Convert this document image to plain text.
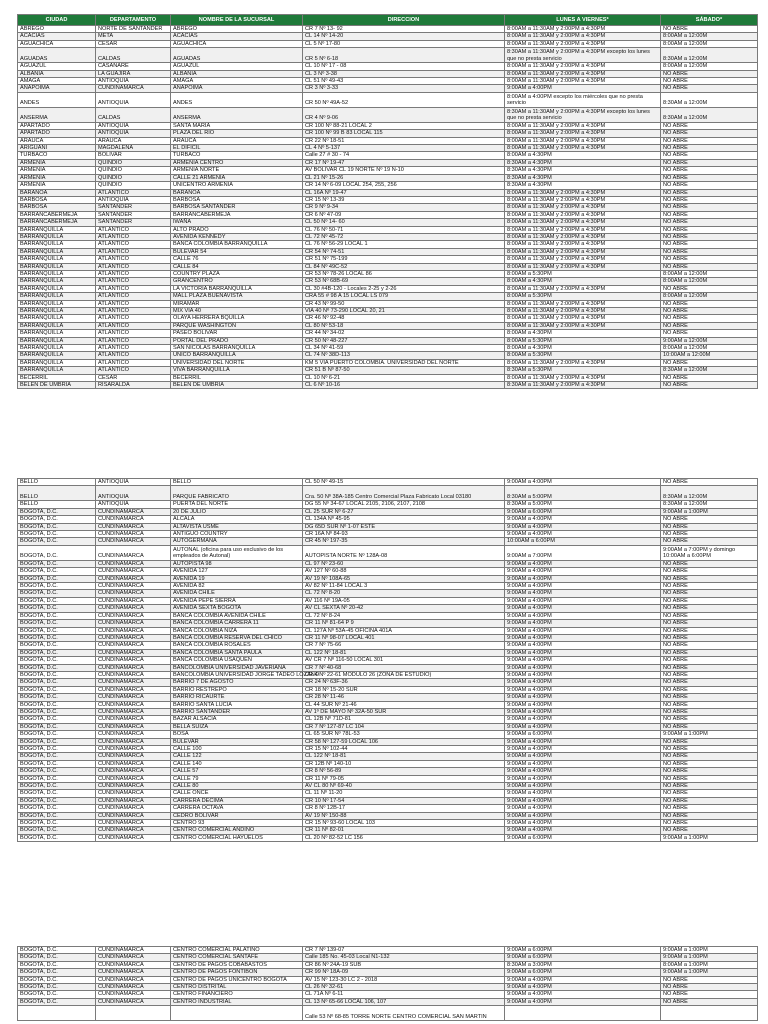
CIUDAD	DEPARTAMENTO	NOMBRE DE LA SUCURSAL	DIRECCION	LUNES A VIERNES*	SÁBADO*
ABREGO	NORTE DE SANTANDER	ABREGO	CR 7 Nº 13- 92	8:00AM a 11:30AM y 2:00PM a 4:30PM	NO ABRE
ACACIAS	META	ACACIAS	CL 14 Nº 14-20	8:00AM a 11:30AM y 2:00PM a 4:30PM	8:00AM a 12:00M
AGUACHICA	CESAR	AGUACHICA	CL 5 Nº 17-80	8:00AM a 11:30AM y 2:00PM a 4:30PM	8:00AM a 12:00M
AGUADAS	CALDAS	AGUADAS	CR 5 Nº 6-18	8:30AM a 11:30AM y 2:00PM a 4:30PM excepto los lunes que no presta servicio	8:30AM a 12:00M
AGUAZUL	CASANARE	AGUAZUL	CL 10 Nº 17 - 08	8:00AM a 11:30AM y 2:00PM a 4:30PM	8:00AM a 12:00M
ALBANIA	LA GUAJIRA	ALBANIA	CL 3 Nº 3-38	8:00AM a 11:30AM y 2:00PM a 4:30PM	NO ABRE
AMAGA	ANTIOQUIA	AMAGA	CL 51 Nº 49-43	8:00AM a 11:30AM y 2:00PM a 4:30PM	NO ABRE
ANAPOIMA	CUNDINAMARCA	ANAPOIMA	CR 3 Nº 3-33	9:00AM a 4:00PM	NO ABRE
ANDES	ANTIOQUIA	ANDES	CR 50 Nº 49A-52	8:00AM a 4:00PM excepto los miércoles que no presta servicio	8:30AM a 12:00M
ANSERMA	CALDAS	ANSERMA	CR 4 Nº 9-06	8:30AM a 11:30AM y 2:00PM a 4:30PM excepto los lunes que no presta servicio	8:30AM a 12:00M
APARTADO	ANTIOQUIA	SANTA MARIA	CR 100 Nº 88-21 LOCAL 2	8:00AM a 11:30AM y 2:00PM a 4:30PM	NO ABRE
APARTADO	ANTIOQUIA	PLAZA DEL RIO	CR 100 Nº 99 B 83 LOCAL 115	8:00AM a 11:30AM y 2:00PM a 4:30PM	NO ABRE
ARAUCA	ARAUCA	ARAUCA	CR 22 Nº 18-51	8:00AM a 11:30AM y 2:00PM a 4:30PM	NO ABRE
ARIGUANI	MAGDALENA	EL DIFICIL	CL 4 Nº 5-137	8:00AM a 11:30AM y 2:00PM a 4:30PM	NO ABRE
TURBACO	BOLIVAR	TURBACO	Calle 27 # 30 - 74	8:00AM a 4:30PM	NO ABRE
ARMENIA	QUINDIO	ARMENIA CENTRO	CR 17 Nº 19-47	8:30AM a 4:30PM	NO ABRE
ARMENIA	QUINDIO	ARMENIA NORTE	AV BOLIVAR CL 19 NORTE Nº 19 N-10	8:30AM a 4:30PM	NO ABRE
ARMENIA	QUINDIO	CALLE 21 ARMENIA	CL 21 Nº 15-26	8:30AM a 4:30PM	NO ABRE
ARMENIA	QUINDIO	UNICENTRO ARMENIA	CR 14 Nº 6-09 LOCAL 254, 255, 256	8:30AM a 4:30PM	NO ABRE
BARANOA	ATLANTICO	BARANOA	CL 16A Nº 19-47	8:00AM a 11:30AM y 2:00PM a 4:30PM	NO ABRE
BARBOSA	ANTIOQUIA	BARBOSA	CR 15 Nº 13-39	8:00AM a 11:30AM y 2:00PM a 4:30PM	NO ABRE
BARBOSA	SANTANDER	BARBOSA SANTANDER	CR 9 Nº 9-34	8:00AM a 11:30AM y 2:00PM a 4:30PM	NO ABRE
BARRANCABERMEJA	SANTANDER	BARRANCABERMEJA	CR 6 Nº 47-09	8:00AM a 11:30AM y 2:00PM a 4:30PM	NO ABRE
BARRANCABERMEJA	SANTANDER	IWAÑA	CL 50 Nº 14- 60	8:00AM a 11:30AM y 2:00PM a 4:30PM	NO ABRE
BARRANQUILLA	ATLANTICO	ALTO PRADO	CL 76 Nº 50-71	8:00AM a 11:30AM y 2:00PM a 4:30PM	NO ABRE
BARRANQUILLA	ATLANTICO	AVENIDA KENNEDY	CL 72 Nº 45-72	8:00AM a 11:30AM y 2:00PM a 4:30PM	NO ABRE
BARRANQUILLA	ATLANTICO	BANCA COLOMBIA BARRANQUILLA	CL 76 Nº 56-29 LOCAL 1	8:00AM a 11:30AM y 2:00PM a 4:30PM	NO ABRE
BARRANQUILLA	ATLANTICO	BULEVAR 54	CR 54 Nº 74-51	8:00AM a 11:30AM y 2:00PM a 4:30PM	NO ABRE
BARRANQUILLA	ATLANTICO	CALLE 76	CR 51 Nº 75-199	8:00AM a 11:30AM y 2:00PM a 4:30PM	NO ABRE
BARRANQUILLA	ATLANTICO	CALLE 84	CL 84 Nº 49C-52	8:00AM a 11:30AM y 2:00PM a 4:30PM	NO ABRE
BARRANQUILLA	ATLANTICO	COUNTRY PLAZA	CR 53 Nº 78-26 LOCAL 86	8:00AM a 5:30PM	8:00AM a 12:00M
BARRANQUILLA	ATLANTICO	GRANCENTRO	CR 53 Nº 68B-69	8:00AM a 4:30PM	8:00AM a 12:00M
BARRANQUILLA	ATLANTICO	LA VICTORIA BARRANQUILLA	CL 30 #4B-120 - Locales 2-25 y 2-26	8:00AM a 11:30AM y 2:00PM a 4:30PM	NO ABRE
BARRANQUILLA	ATLANTICO	MALL PLAZA BUENAVISTA	CRA 55 # 98 A 15 LOCAL LS 079	8:00AM a 5:30PM	8:00AM a 12:00M
BARRANQUILLA	ATLANTICO	MIRAMAR	CR 43 Nº 99-50	8:00AM a 11:30AM y 2:00PM a 4:30PM	NO ABRE
BARRANQUILLA	ATLANTICO	MIX VIA 40	VIA 40 Nº 73-290 LOCAL 20, 21	8:00AM a 11:30AM y 2:00PM a 4:30PM	NO ABRE
BARRANQUILLA	ATLANTICO	OLAYA HERRERA BQUILLA	CR 46 Nº 92-48	8:00AM a 11:30AM y 2:00PM a 4:30PM	NO ABRE
BARRANQUILLA	ATLANTICO	PARQUE WASHINGTON	CL 80 Nº 53-18	8:00AM a 11:30AM y 2:00PM a 4:30PM	NO ABRE
BARRANQUILLA	ATLANTICO	PASEO BOLIVAR	CR 44 Nº 34-02	8:00AM a 4:30PM	NO ABRE
BARRANQUILLA	ATLANTICO	PORTAL DEL PRADO	CR 50 Nº 48-227	8:00AM a 5:30PM	9:00AM a 12:00M
BARRANQUILLA	ATLANTICO	SAN NICOLAS BARRANQUILLA	CL 34 Nº 41-59	8:00AM a 4:30PM	8:00AM a 12:00M
BARRANQUILLA	ATLANTICO	UNICO BARRANQUILLA	CL 74 Nº 38D-113	8:00AM a 5:30PM	10:00AM a 12:00M
BARRANQUILLA	ATLANTICO	UNIVERSIDAD DEL NORTE	KM 5 VIA PUERTO COLOMBIA. UNIVERSIDAD DEL NORTE	8:00AM a 11:30AM y 2:00PM a 4:30PM	NO ABRE
BARRANQUILLA	ATLANTICO	VIVA BARRANQUILLA	CR 51 B Nº 87-50	8:30AM a 5:30PM	8:30AM a 12:00M
BECERRIL	CESAR	BECERRIL	CL 10 Nº 6-21	8:00AM a 11:30AM y 2:00PM a 4:30PM	NO ABRE
BELEN DE UMBRIA	RISARALDA	BELEN DE UMBRIA	CL 6 Nº 10-16	8:30AM a 11:30AM y 2:00PM a 4:30PM	NO ABRE
BELLO	ANTIOQUIA	BELLO	CL 50 Nº 49-15	9:00AM a 4:00PM	NO ABRE
BELLO	ANTIOQUIA	PARQUE FABRICATO	Cra. 50 Nº 38A-185 Centro Comercial Plaza Fabricato Local 03180	8:30AM a 5:00PM	8:30AM a 12:00M
BELLO	ANTIOQUIA	PUERTA DEL NORTE	DG 55 Nº 34-67 LOCAL 2105, 2106, 2107, 2108	8:30AM a 5:00PM	8:30AM a 12:00M
BOGOTA, D.C.	CUNDINAMARCA	20 DE JULIO	CL 25 SUR Nº 6-27	9:00AM a 6:00PM	9:00AM a 1:00PM
BOGOTA, D.C.	CUNDINAMARCA	ALCALA	CL 134A Nº 45-95	9:00AM a 4:00PM	NO ABRE
BOGOTA, D.C.	CUNDINAMARCA	ALTAVISTA USME	DG 65D SUR Nº 1-07 ESTE	9:00AM a 4:00PM	NO ABRE
BOGOTA, D.C.	CUNDINAMARCA	ANTIGUO COUNTRY	CR 16A Nº 84-93	9:00AM a 4:00PM	NO ABRE
BOGOTA, D.C.	CUNDINAMARCA	AUTOGERMANA	CR 45 Nº 197-35	10:00AM a 6:00PM	NO ABRE
BOGOTA, D.C.	CUNDINAMARCA	AUTONAL (oficina para uso exclusivo de los empleados de Autonal)	AUTOPISTA NORTE Nº 128A-08	9:00AM a 7:00PM	9:00AM a 7:00PM y domingo 10:00AM a 6:00PM
BOGOTA, D.C.	CUNDINAMARCA	AUTOPISTA 98	CL 97 Nº 23-60	9:00AM a 4:00PM	NO ABRE
BOGOTA, D.C.	CUNDINAMARCA	AVENIDA 127	AV 127 Nº 60-88	9:00AM a 4:00PM	NO ABRE
BOGOTA, D.C.	CUNDINAMARCA	AVENIDA 19	AV 19 Nº 108A-65	9:00AM a 4:00PM	NO ABRE
BOGOTA, D.C.	CUNDINAMARCA	AVENIDA 82	AV 82 Nº 11-84 LOCAL 3	9:00AM a 4:00PM	NO ABRE
BOGOTA, D.C.	CUNDINAMARCA	AVENIDA CHILE	CL 72 Nº 8-20	9:00AM a 4:00PM	NO ABRE
BOGOTA, D.C.	CUNDINAMARCA	AVENIDA PEPE SIERRA	AV 116 Nº 19A-05	9:00AM a 4:00PM	NO ABRE
BOGOTA, D.C.	CUNDINAMARCA	AVENIDA SEXTA BOGOTA	AV CL SEXTA Nº 20-42	9:00AM a 4:00PM	NO ABRE
BOGOTA, D.C.	CUNDINAMARCA	BANCA COLOMBIA AVENIDA CHILE	CL 72 Nº 8-24	9:00AM a 4:00PM	NO ABRE
BOGOTA, D.C.	CUNDINAMARCA	BANCA COLOMBIA CARRERA 11	CR 11 Nº 81-64 P 9	9:00AM a 4:00PM	NO ABRE
BOGOTA, D.C.	CUNDINAMARCA	BANCA COLOMBIA NIZA	CL 127A Nº 53A-45 OFICINA 401A	9:00AM a 4:00PM	NO ABRE
BOGOTA, D.C.	CUNDINAMARCA	BANCA COLOMBIA RESERVA DEL CHICO	CR 11 Nº 98-07 LOCAL 401	9:00AM a 4:00PM	NO ABRE
BOGOTA, D.C.	CUNDINAMARCA	BANCA COLOMBIA ROSALES	CR 7 Nº 75-66	9:00AM a 4:00PM	NO ABRE
BOGOTA, D.C.	CUNDINAMARCA	BANCA COLOMBIA SANTA PAULA	CL 122 Nº 18-81	9:00AM a 4:00PM	NO ABRE
BOGOTA, D.C.	CUNDINAMARCA	BANCA COLOMBIA USAQUEN	AV CR 7 Nº 116-50 LOCAL 301	9:00AM a 4:00PM	NO ABRE
BOGOTA, D.C.	CUNDINAMARCA	BANCOLOMBIA UNIVERSIDAD JAVERIANA	CR 7 Nº 40-68	9:00AM a 4:00PM	NO ABRE
BOGOTA, D.C.	CUNDINAMARCA	BANCOLOMBIA UNIVERSIDAD JORGE TADEO LOZANO	CR 4 Nº 22-61 MODULO 26 (ZONA DE ESTUDIO)	9:00AM a 4:00PM	NO ABRE
BOGOTA, D.C.	CUNDINAMARCA	BARRIO 7 DE AGOSTO	CR 24 Nº 63F-36	9:00AM a 4:00PM	NO ABRE
BOGOTA, D.C.	CUNDINAMARCA	BARRIO RESTREPO	CR 18 Nº 15-20 SUR	9:00AM a 4:00PM	NO ABRE
BOGOTA, D.C.	CUNDINAMARCA	BARRIO RICAURTE	CR 28 Nº 11-46	9:00AM a 4:00PM	NO ABRE
BOGOTA, D.C.	CUNDINAMARCA	BARRIO SANTA LUCIA	CL 44 SUR Nº 21-46	9:00AM a 4:00PM	NO ABRE
BOGOTA, D.C.	CUNDINAMARCA	BARRIO SANTANDER	AV 1º DE MAYO Nº 32A-50 SUR	9:00AM a 4:00PM	NO ABRE
BOGOTA, D.C.	CUNDINAMARCA	BAZAR ALSACIA	CL 12B Nº 71D-81	9:00AM a 4:00PM	NO ABRE
BOGOTA, D.C.	CUNDINAMARCA	BELLA SUIZA	CR 7 Nº 127-87 LC 104	9:00AM a 4:00PM	NO ABRE
BOGOTA, D.C.	CUNDINAMARCA	BOSA	CL 65 SUR Nº 78L-53	9:00AM a 6:00PM	9:00AM a 1:00PM
BOGOTA, D.C.	CUNDINAMARCA	BULEVAR	CR 58 Nº 127-59 LOCAL 106	9:00AM a 4:00PM	NO ABRE
BOGOTA, D.C.	CUNDINAMARCA	CALLE 100	CR 15 Nº 102-44	9:00AM a 4:00PM	NO ABRE
BOGOTA, D.C.	CUNDINAMARCA	CALLE 122	CL 122 Nº 18-81	9:00AM a 4:00PM	NO ABRE
BOGOTA, D.C.	CUNDINAMARCA	CALLE 140	CR 12B Nº 140-10	9:00AM a 4:00PM	NO ABRE
BOGOTA, D.C.	CUNDINAMARCA	CALLE 57	CR 8 Nº 56-89	9:00AM a 4:00PM	NO ABRE
BOGOTA, D.C.	CUNDINAMARCA	CALLE 79	CR 11 Nº 79-05	9:00AM a 4:00PM	NO ABRE
BOGOTA, D.C.	CUNDINAMARCA	CALLE 80	AV CL 80 Nº 69-40	9:00AM a 4:00PM	NO ABRE
BOGOTA, D.C.	CUNDINAMARCA	CALLE ONCE	CL 11 Nº 11-20	9:00AM a 4:00PM	NO ABRE
BOGOTA, D.C.	CUNDINAMARCA	CARRERA DECIMA	CR 10 Nº 17-54	9:00AM a 4:00PM	NO ABRE
BOGOTA, D.C.	CUNDINAMARCA	CARRERA OCTAVA	CR 8 Nº 12B-17	9:00AM a 4:00PM	NO ABRE
BOGOTA, D.C.	CUNDINAMARCA	CEDRO BOLIVAR	AV 19 Nº 150-88	9:00AM a 4:00PM	NO ABRE
BOGOTA, D.C.	CUNDINAMARCA	CENTRO 93	CR 15 Nº 93-60 LOCAL 103	9:00AM a 4:00PM	NO ABRE
BOGOTA, D.C.	CUNDINAMARCA	CENTRO COMERCIAL ANDINO	CR 11 Nº 82-01	9:00AM a 4:00PM	NO ABRE
BOGOTA, D.C.	CUNDINAMARCA	CENTRO COMERCIAL HAYUELOS	CL 20 Nº 82-52 LC 156	9:00AM a 6:00PM	9:00AM a 1:00PM
BOGOTA, D.C.	CUNDINAMARCA	CENTRO COMERCIAL PALATINO	CR 7 Nº 139-07	9:00AM a 6:00PM	9:00AM a 1:00PM
BOGOTA, D.C.	CUNDINAMARCA	CENTRO COMERCIAL SANTAFE	Calle 185 No. 45-03 Local N1-132	9:00AM a 6:00PM	9:00AM a 1:00PM
BOGOTA, D.C.	CUNDINAMARCA	CENTRO DE PAGOS COBABASTOS	CR 86 Nº 24A-19 SUB	8:30AM a 3:00PM	8:00AM a 1:00PM
BOGOTA, D.C.	CUNDINAMARCA	CENTRO DE PAGOS FONTIBON	CR 99 Nº 18A-09	9:00AM a 6:00PM	9:00AM a 1:00PM
BOGOTA, D.C.	CUNDINAMARCA	CENTRO DE PAGOS UNICENTRO BOGOTA	AV 15 Nº 123-30 LC 2 - 2018	9:00AM a 4:00PM	NO ABRE
BOGOTA, D.C.	CUNDINAMARCA	CENTRO DISTRITAL	CL 26 Nº 32-61	9:00AM a 4:00PM	NO ABRE
BOGOTA, D.C.	CUNDINAMARCA	CENTRO FINANCIERO	CL 71A Nº 6-11	9:00AM a 4:00PM	NO ABRE
BOGOTA, D.C.	CUNDINAMARCA	CENTRO INDUSTRIAL	CL 13 Nº 65-66 LOCAL 106, 107	9:00AM a 4:00PM	NO ABRE
			Calle 53 Nº 68-85 TORRE NORTE CENTRO COMERCIAL SAN MARTIN		
